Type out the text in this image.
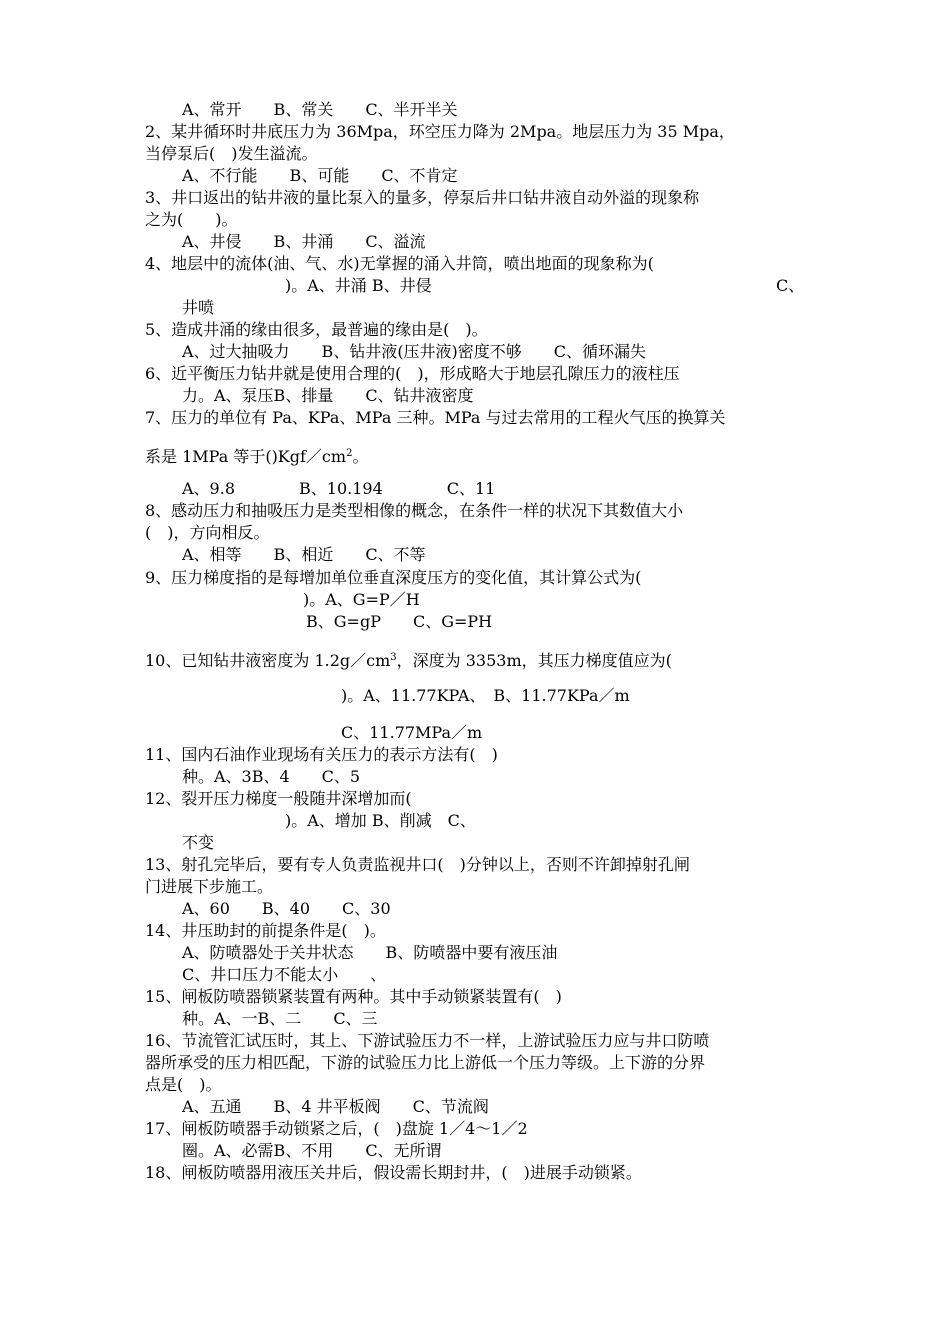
A、常开　　B、常关　　C、半开半关
2、某井循环时井底压力为 36Mpa，环空压力降为 2Mpa。地层压力为 35 Mpa，
当停泵后(　)发生溢流。
A、不行能　　B、可能　　C、不肯定
3、井口返出的钻井液的量比泵入的量多，停泵后井口钻井液自动外溢的现象称
之为(　　)。
A、井侵　　B、井涌　　C、溢流
4、地层中的流体(油、气、水)无掌握的涌入井筒，喷出地面的现象称为(
)。A、井涌 B、井侵	C、
井喷
5、造成井涌的缘由很多，最普遍的缘由是(　)。
A、过大抽吸力　　B、钻井液(压井液)密度不够　　C、循环漏失
6、近平衡压力钻井就是使用合理的(　)，形成略大于地层孔隙压力的液柱压
力。A、泵压B、排量　　C、钻井液密度
7、压力的单位有 Pa、KPa、MPa 三种。MPa 与过去常用的工程火气压的换算关
系是 1MPa 等于$()Kgf/cm^2$。
A、9.8　　　　B、10.194　　　　C、11
8、感动压力和抽吸压力是类型相像的概念，在条件一样的状况下其数值大小
(　)，方向相反。
A、相等　　B、相近　　C、不等
9、压力梯度指的是每增加单位垂直深度压方的变化值，其计算公式为(
)。A、G=P／H
B、G=gP　　C、G=PH
10、已知钻井液密度为 $1.2g/cm^3$，深度为 3353m，其压力梯度值应为(
)。A、11.77KPA、　B、11.77KPa／m
C、11.77MPa／m
11、国内石油作业现场有关压力的表示方法有(　)
种。A、3B、4　　C、5
12、裂开压力梯度一般随井深增加而(
)。A、增加 B、削减　C、
不变
13、射孔完毕后，要有专人负责监视井口(　)分钟以上，否则不许卸掉射孔闸
门进展下步施工。
A、60　　B、40　　C、30
14、井压助封的前提条件是(　)。
A、防喷器处于关井状态　　B、防喷器中要有液压油
C、井口压力不能太小　　、
15、闸板防喷器锁紧装置有两种。其中手动锁紧装置有(　)
种。A、一B、二　　C、三
16、节流管汇试压时，其上、下游试验压力不一样，上游试验压力应与井口防喷
器所承受的压力相匹配，下游的试验压力比上游低一个压力等级。上下游的分界
点是(　)。
A、五通　　B、4 井平板阀　　C、节流阀
17、闸板防喷器手动锁紧之后，(　)盘旋 1／4～1／2
圈。A、必需B、不用　　C、无所谓
18、闸板防喷器用液压关井后，假设需长期封井，(　)进展手动锁紧。
